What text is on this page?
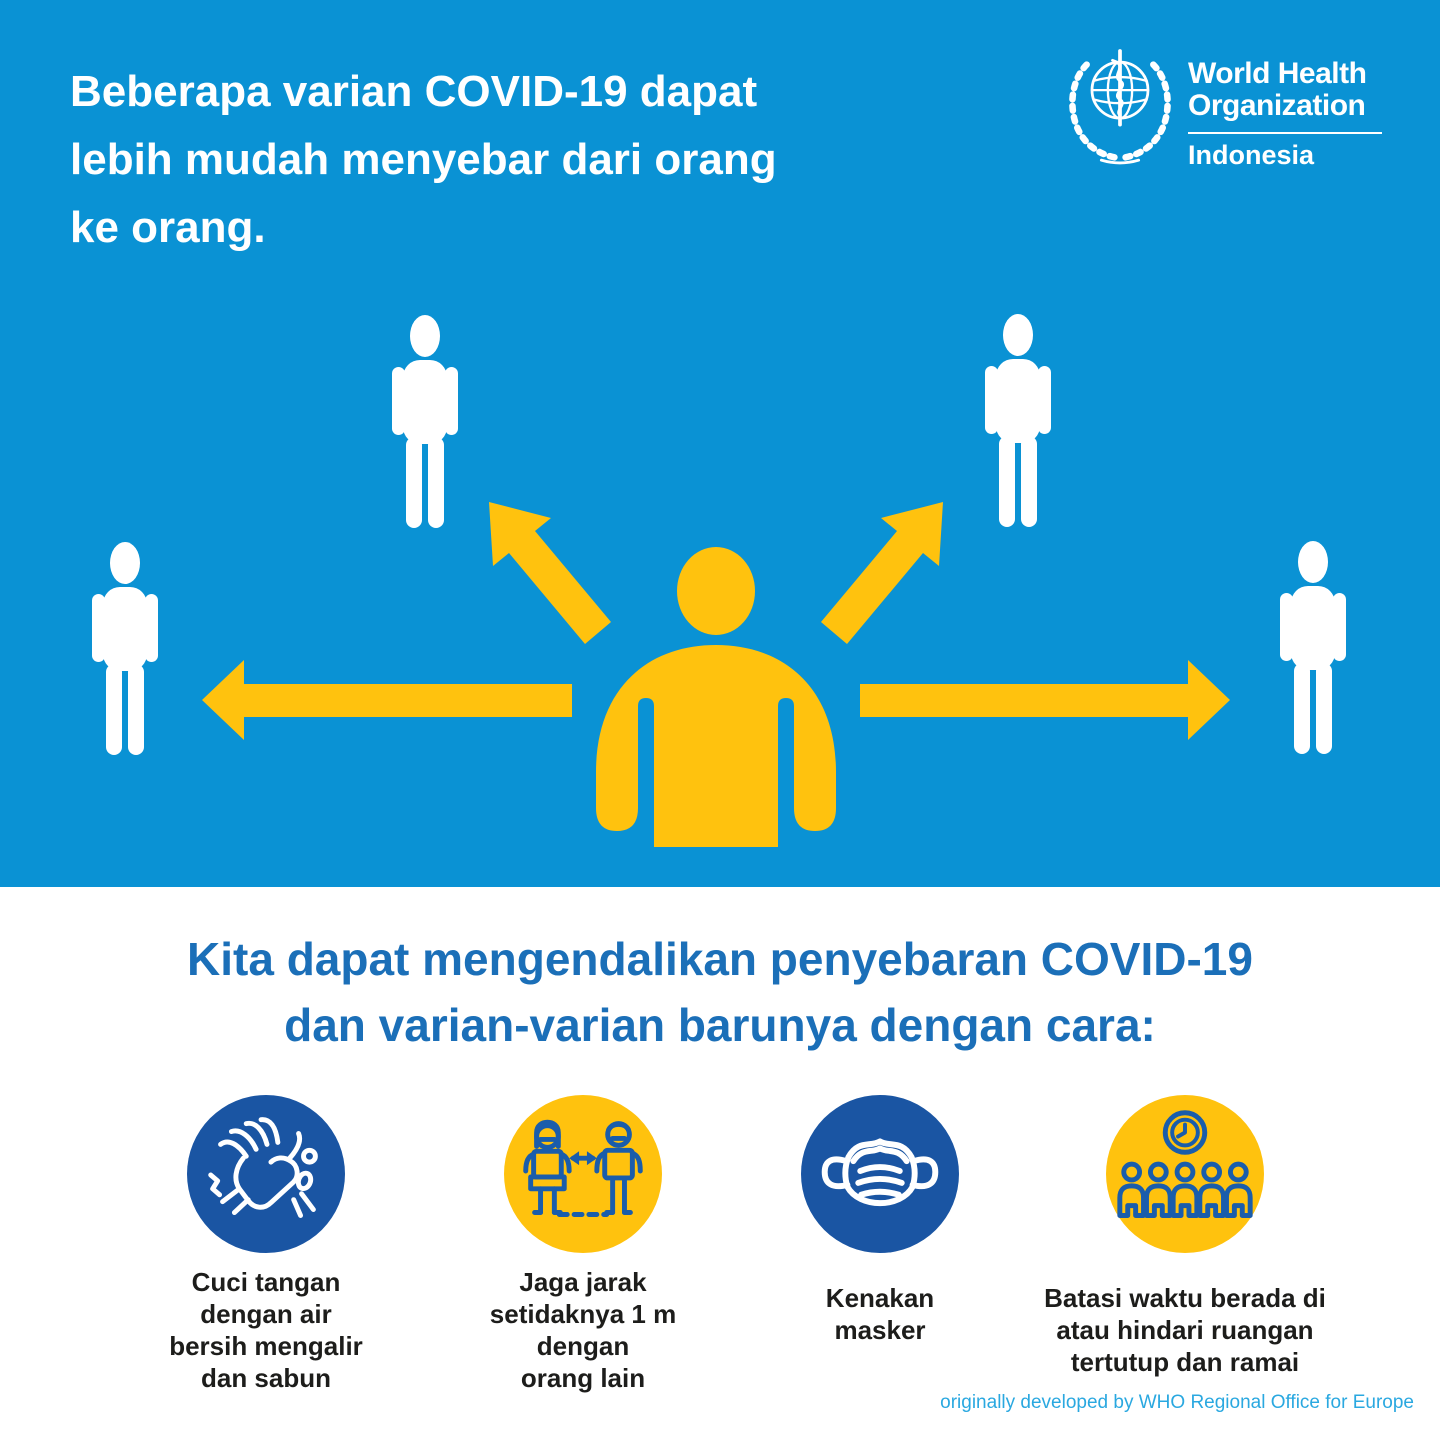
Beberapa varian COVID-19 dapat
lebih mudah menyebar dari orang
ke orang.
World Health
Organization
Indonesia
Kita dapat mengendalikan penyebaran COVID-19
dan varian-varian barunya dengan cara:
Cuci tangan
dengan air
bersih mengalir
dan sabun
Jaga jarak
setidaknya 1 m
dengan
orang lain
Kenakan
masker
Batasi waktu berada di
atau hindari ruangan
tertutup dan ramai
originally developed by WHO Regional Office for Europe
